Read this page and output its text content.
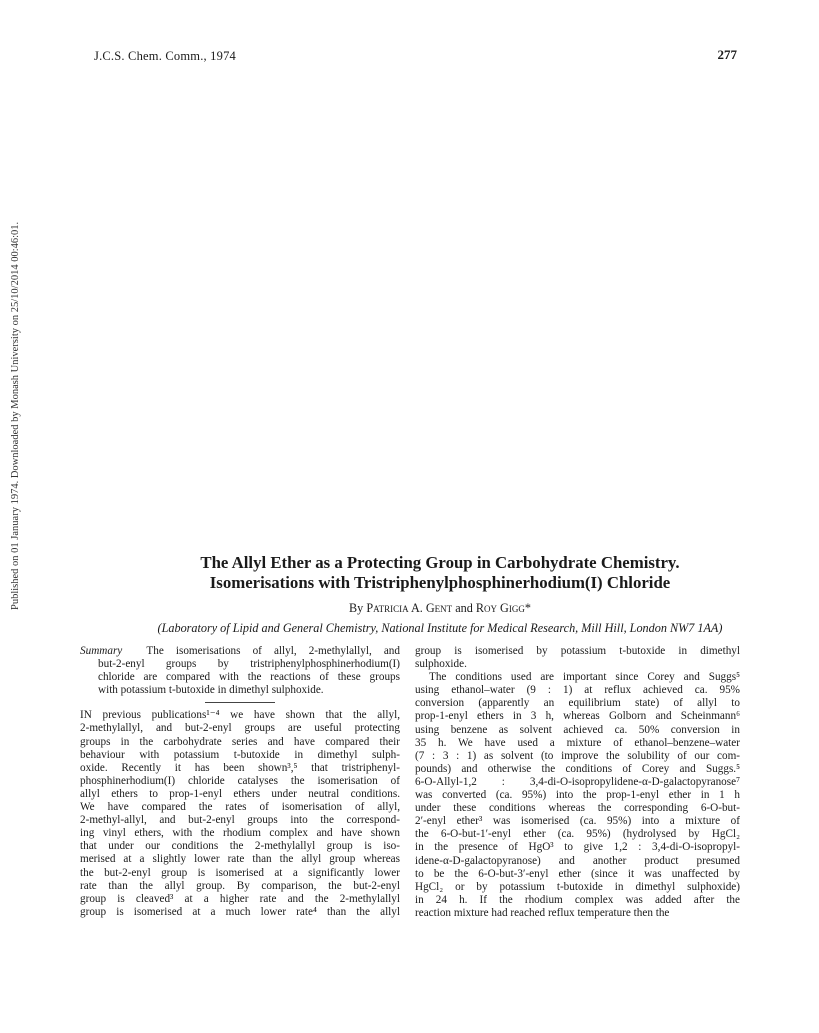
J.C.S. Chem. Comm., 1974	277
Published on 01 January 1974. Downloaded by Monash University on 25/10/2014 00:46:01.	The Allyl Ether as a Protecting Group in Carbohydrate Chemistry.
Isomerisations with Tristriphenylphosphinerhodium(I) Chloride
By Patricia A. Gent and Roy Gigg*
(Laboratory of Lipid and General Chemistry, National Institute for Medical Research, Mill Hill, London NW7 1AA)
Summary The isomerisations of allyl, 2-methylallyl, and
but-2-enyl groups by tristriphenylphosphinerhodium(I)
chloride are compared with the reactions of these groups
with potassium t-butoxide in dimethyl sulphoxide.
IN previous publications¹⁻⁴ we have shown that the allyl,
2-methylallyl, and but-2-enyl groups are useful protecting
groups in the carbohydrate series and have compared their
behaviour with potassium t-butoxide in dimethyl sulph-
oxide. Recently it has been shown³,⁵ that tristriphenyl-
phosphinerhodium(I) chloride catalyses the isomerisation of
allyl ethers to prop-1-enyl ethers under neutral conditions.
We have compared the rates of isomerisation of allyl,
2-methyl-allyl, and but-2-enyl groups into the correspond-
ing vinyl ethers, with the rhodium complex and have shown
that under our conditions the 2-methylallyl group is iso-
merised at a slightly lower rate than the allyl group whereas
the but-2-enyl group is isomerised at a significantly lower
rate than the allyl group. By comparison, the but-2-enyl
group is cleaved³ at a higher rate and the 2-methylallyl
group is isomerised at a much lower rate⁴ than the allyl
group is isomerised by potassium t-butoxide in dimethyl
sulphoxide.
The conditions used are important since Corey and Suggs⁵
using ethanol–water (9 : 1) at reflux achieved ca. 95%
conversion (apparently an equilibrium state) of allyl to
prop-1-enyl ethers in 3 h, whereas Golborn and Scheinmann⁶
using benzene as solvent achieved ca. 50% conversion in
35 h. We have used a mixture of ethanol–benzene–water
(7 : 3 : 1) as solvent (to improve the solubility of our com-
pounds) and otherwise the conditions of Corey and Suggs.⁵
6-O-Allyl-1,2 : 3,4-di-O-isopropylidene-α-D-galactopyranose⁷
was converted (ca. 95%) into the prop-1-enyl ether in 1 h
under these conditions whereas the corresponding 6-O-but-
2′-enyl ether³ was isomerised (ca. 95%) into a mixture of
the 6-O-but-1′-enyl ether (ca. 95%) (hydrolysed by HgCl₂
in the presence of HgO³ to give 1,2 : 3,4-di-O-isopropyl-
idene-α-D-galactopyranose) and another product presumed
to be the 6-O-but-3′-enyl ether (since it was unaffected by
HgCl₂ or by potassium t-butoxide in dimethyl sulphoxide)
in 24 h. If the rhodium complex was added after the
reaction mixture had reached reflux temperature then the
